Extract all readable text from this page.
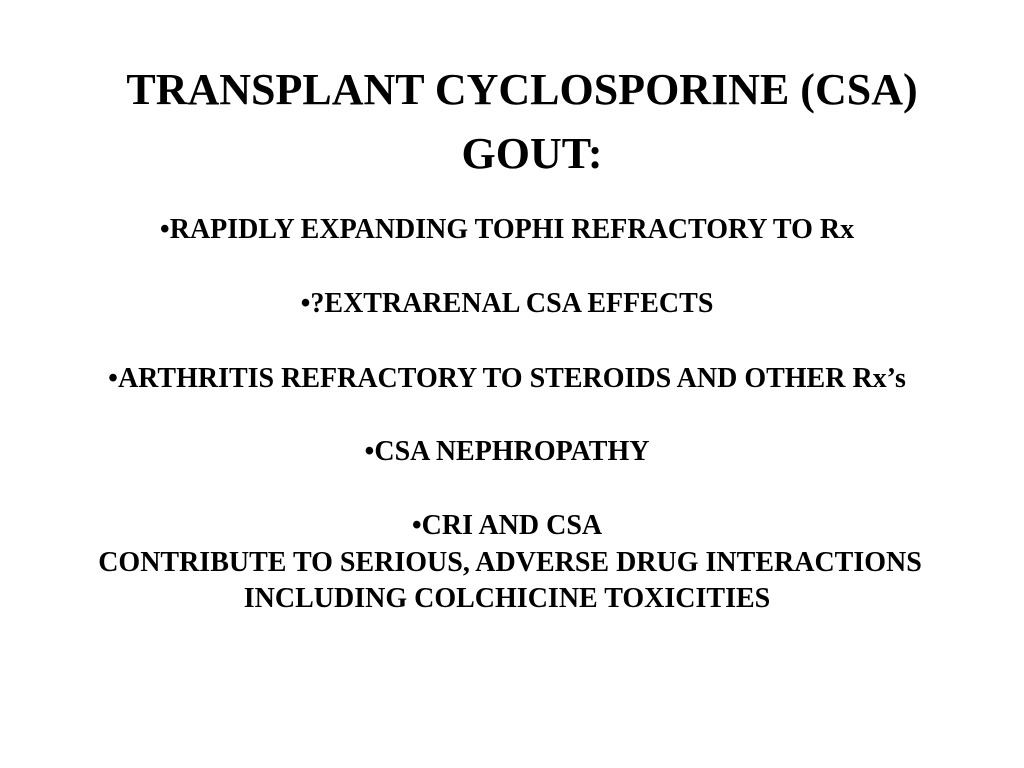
TRANSPLANT CYCLOSPORINE (CSA)
GOUT:
•RAPIDLY EXPANDING TOPHI REFRACTORY TO Rx
•?EXTRARENAL CSA EFFECTS
•ARTHRITIS REFRACTORY TO STEROIDS AND OTHER Rx’s
•CSA NEPHROPATHY
•CRI AND CSA
CONTRIBUTE TO SERIOUS, ADVERSE DRUG INTERACTIONS
INCLUDING COLCHICINE TOXICITIES
